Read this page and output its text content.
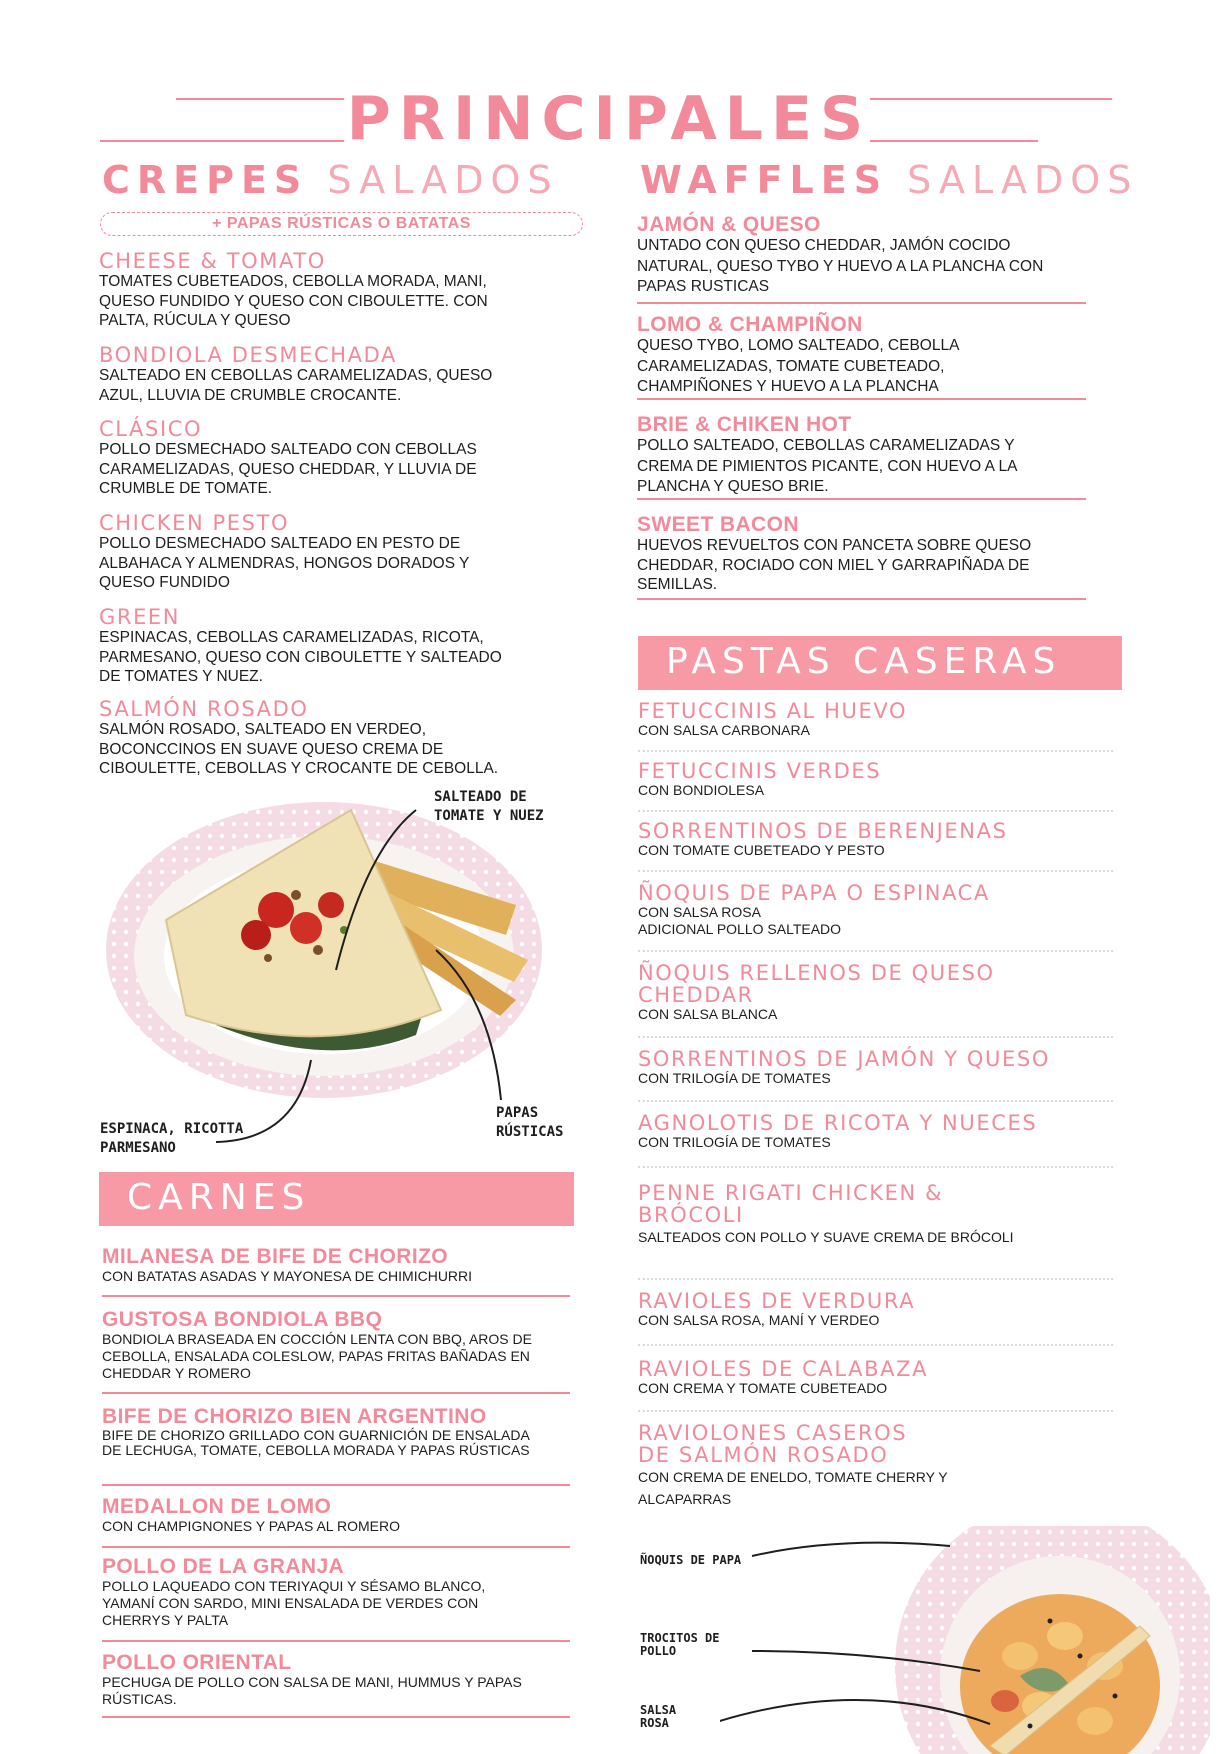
PRINCIPALES
CREPES SALADOS
+ PAPAS RÚSTICAS O BATATAS
CHEESE & TOMATO

TOMATES CUBETEADOS, CEBOLLA MORADA, MANI, QUESO FUNDIDO Y QUESO CON CIBOULETTE. CON PALTA, RÚCULA Y QUESO

BONDIOLA DESMECHADA

SALTEADO EN CEBOLLAS CARAMELIZADAS, QUESO AZUL, LLUVIA DE CRUMBLE CROCANTE.

CLÁSICO

POLLO DESMECHADO SALTEADO CON CEBOLLAS CARAMELIZADAS, QUESO CHEDDAR, Y LLUVIA DE CRUMBLE DE TOMATE.

CHICKEN PESTO

POLLO DESMECHADO SALTEADO EN PESTO DE ALBAHACA Y ALMENDRAS, HONGOS DORADOS Y QUESO FUNDIDO

GREEN

ESPINACAS, CEBOLLAS CARAMELIZADAS, RICOTA, PARMESANO, QUESO CON CIBOULETTE Y SALTEADO DE TOMATES Y NUEZ.

SALMÓN ROSADO

SALMÓN ROSADO, SALTEADO EN VERDEO, BOCONCCINOS EN SUAVE QUESO CREMA DE CIBOULETTE, CEBOLLAS Y CROCANTE DE CEBOLLA.

SALTEADO DE TOMATE Y NUEZ
ESPINACA, RICOTTA PARMESANO
PAPAS RÚSTICAS
CARNES
MILANESA DE BIFE DE CHORIZO

CON BATATAS ASADAS Y MAYONESA DE CHIMICHURRI

GUSTOSA BONDIOLA BBQ

BONDIOLA BRASEADA EN COCCIÓN LENTA CON BBQ, AROS DE CEBOLLA, ENSALADA COLESLOW, PAPAS FRITAS BAÑADAS EN CHEDDAR Y ROMERO

BIFE DE CHORIZO BIEN ARGENTINO

BIFE DE CHORIZO GRILLADO CON GUARNICIÓN DE ENSALADA DE LECHUGA, TOMATE, CEBOLLA MORADA Y PAPAS RÚSTICAS

MEDALLON DE LOMO

CON CHAMPIGNONES Y PAPAS AL ROMERO

POLLO DE LA GRANJA

POLLO LAQUEADO CON TERIYAQUI Y SÉSAMO BLANCO, YAMANÍ CON SARDO, MINI ENSALADA DE VERDES CON CHERRYS Y PALTA

POLLO ORIENTAL

PECHUGA DE POLLO CON SALSA DE MANI, HUMMUS Y PAPAS RÚSTICAS.

WAFFLES SALADOS
JAMÓN & QUESO

UNTADO CON QUESO CHEDDAR, JAMÓN COCIDO NATURAL, QUESO TYBO Y HUEVO A LA PLANCHA CON PAPAS RUSTICAS

LOMO & CHAMPIÑON

QUESO TYBO, LOMO SALTEADO, CEBOLLA CARAMELIZADAS, TOMATE CUBETEADO, CHAMPIÑONES Y HUEVO A LA PLANCHA

BRIE & CHIKEN HOT

POLLO SALTEADO, CEBOLLAS CARAMELIZADAS Y CREMA DE PIMIENTOS PICANTE, CON HUEVO A LA PLANCHA Y QUESO BRIE.

SWEET BACON

HUEVOS REVUELTOS CON PANCETA SOBRE QUESO CHEDDAR, ROCIADO CON MIEL Y GARRAPIÑADA DE SEMILLAS.

PASTAS CASERAS
FETUCCINIS AL HUEVO

CON SALSA CARBONARA

FETUCCINIS VERDES

CON BONDIOLESA

SORRENTINOS DE BERENJENAS

CON TOMATE CUBETEADO Y PESTO

ÑOQUIS DE PAPA O ESPINACA

CON SALSA ROSA

ADICIONAL POLLO SALTEADO

ÑOQUIS RELLENOS DE QUESO
CHEDDAR

CON SALSA BLANCA

SORRENTINOS DE JAMÓN Y QUESO

CON TRILOGÍA DE TOMATES

AGNOLOTIS DE RICOTA Y NUECES

CON TRILOGÍA DE TOMATES

PENNE RIGATI CHICKEN &
BRÓCOLI

SALTEADOS CON POLLO Y SUAVE CREMA DE BRÓCOLI

RAVIOLES DE VERDURA

CON SALSA ROSA, MANÍ Y VERDEO

RAVIOLES DE CALABAZA

CON CREMA Y TOMATE CUBETEADO

RAVIOLONES CASEROS
DE SALMÓN ROSADO

CON CREMA DE ENELDO, TOMATE CHERRY Y ALCAPARRAS

ÑOQUIS DE PAPA
TROCITOS DE POLLO
SALSA ROSA
